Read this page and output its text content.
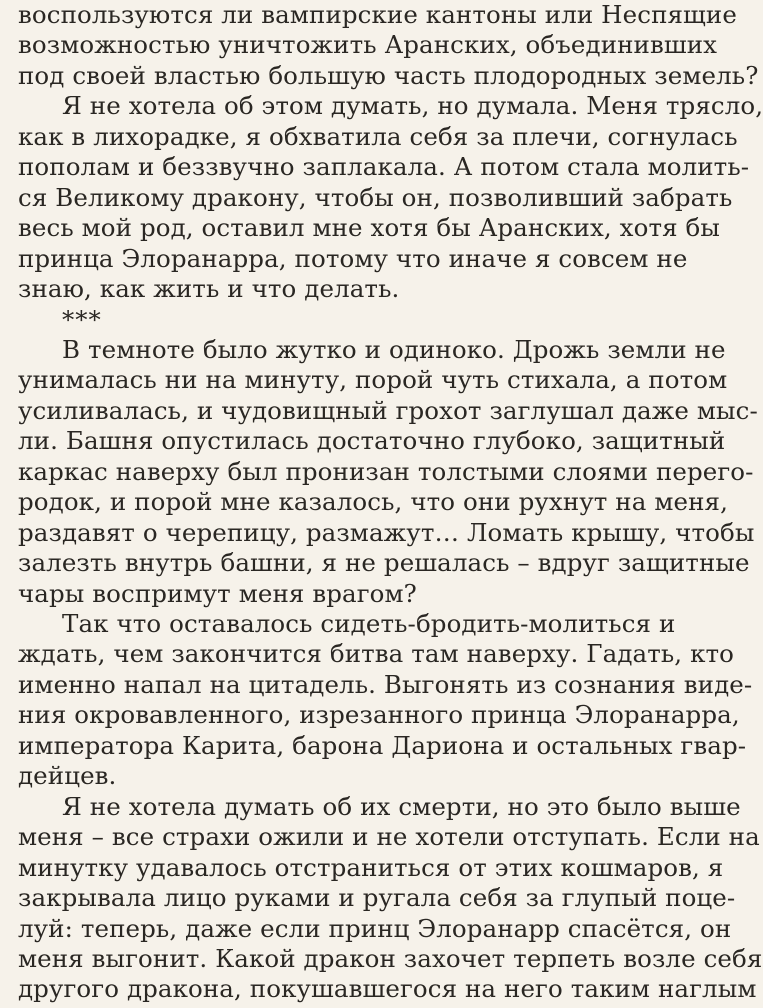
воспользуются ли вампирские кантоны или Неспящие
возможностью уничтожить Аранских, объединивших
под своей властью большую часть плодородных земель?
Я не хотела об этом думать, но думала. Меня трясло,
как в лихорадке, я обхватила себя за плечи, согнулась
пополам и беззвучно заплакала. А потом стала молить-
ся Великому дракону, чтобы он, позволивший забрать
весь мой род, оставил мне хотя бы Аранских, хотя бы
принца Элоранарра, потому что иначе я совсем не
знаю, как жить и что делать.
***
В темноте было жутко и одиноко. Дрожь земли не
унималась ни на минуту, порой чуть стихала, а потом
усиливалась, и чудовищный грохот заглушал даже мыс-
ли. Башня опустилась достаточно глубоко, защитный
каркас наверху был пронизан толстыми слоями перего-
родок, и порой мне казалось, что они рухнут на меня,
раздавят о черепицу, размажут… Ломать крышу, чтобы
залезть внутрь башни, я не решалась – вдруг защитные
чары воспримут меня врагом?
Так что оставалось сидеть-бродить-молиться и
ждать, чем закончится битва там наверху. Гадать, кто
именно напал на цитадель. Выгонять из сознания виде-
ния окровавленного, изрезанного принца Элоранарра,
императора Карита, барона Дариона и остальных гвар-
дейцев.
Я не хотела думать об их смерти, но это было выше
меня – все страхи ожили и не хотели отступать. Если на
минутку удавалось отстраниться от этих кошмаров, я
закрывала лицо руками и ругала себя за глупый поце-
луй: теперь, даже если принц Элоранарр спасётся, он
меня выгонит. Какой дракон захочет терпеть возле себя
другого дракона, покушавшегося на него таким наглым
